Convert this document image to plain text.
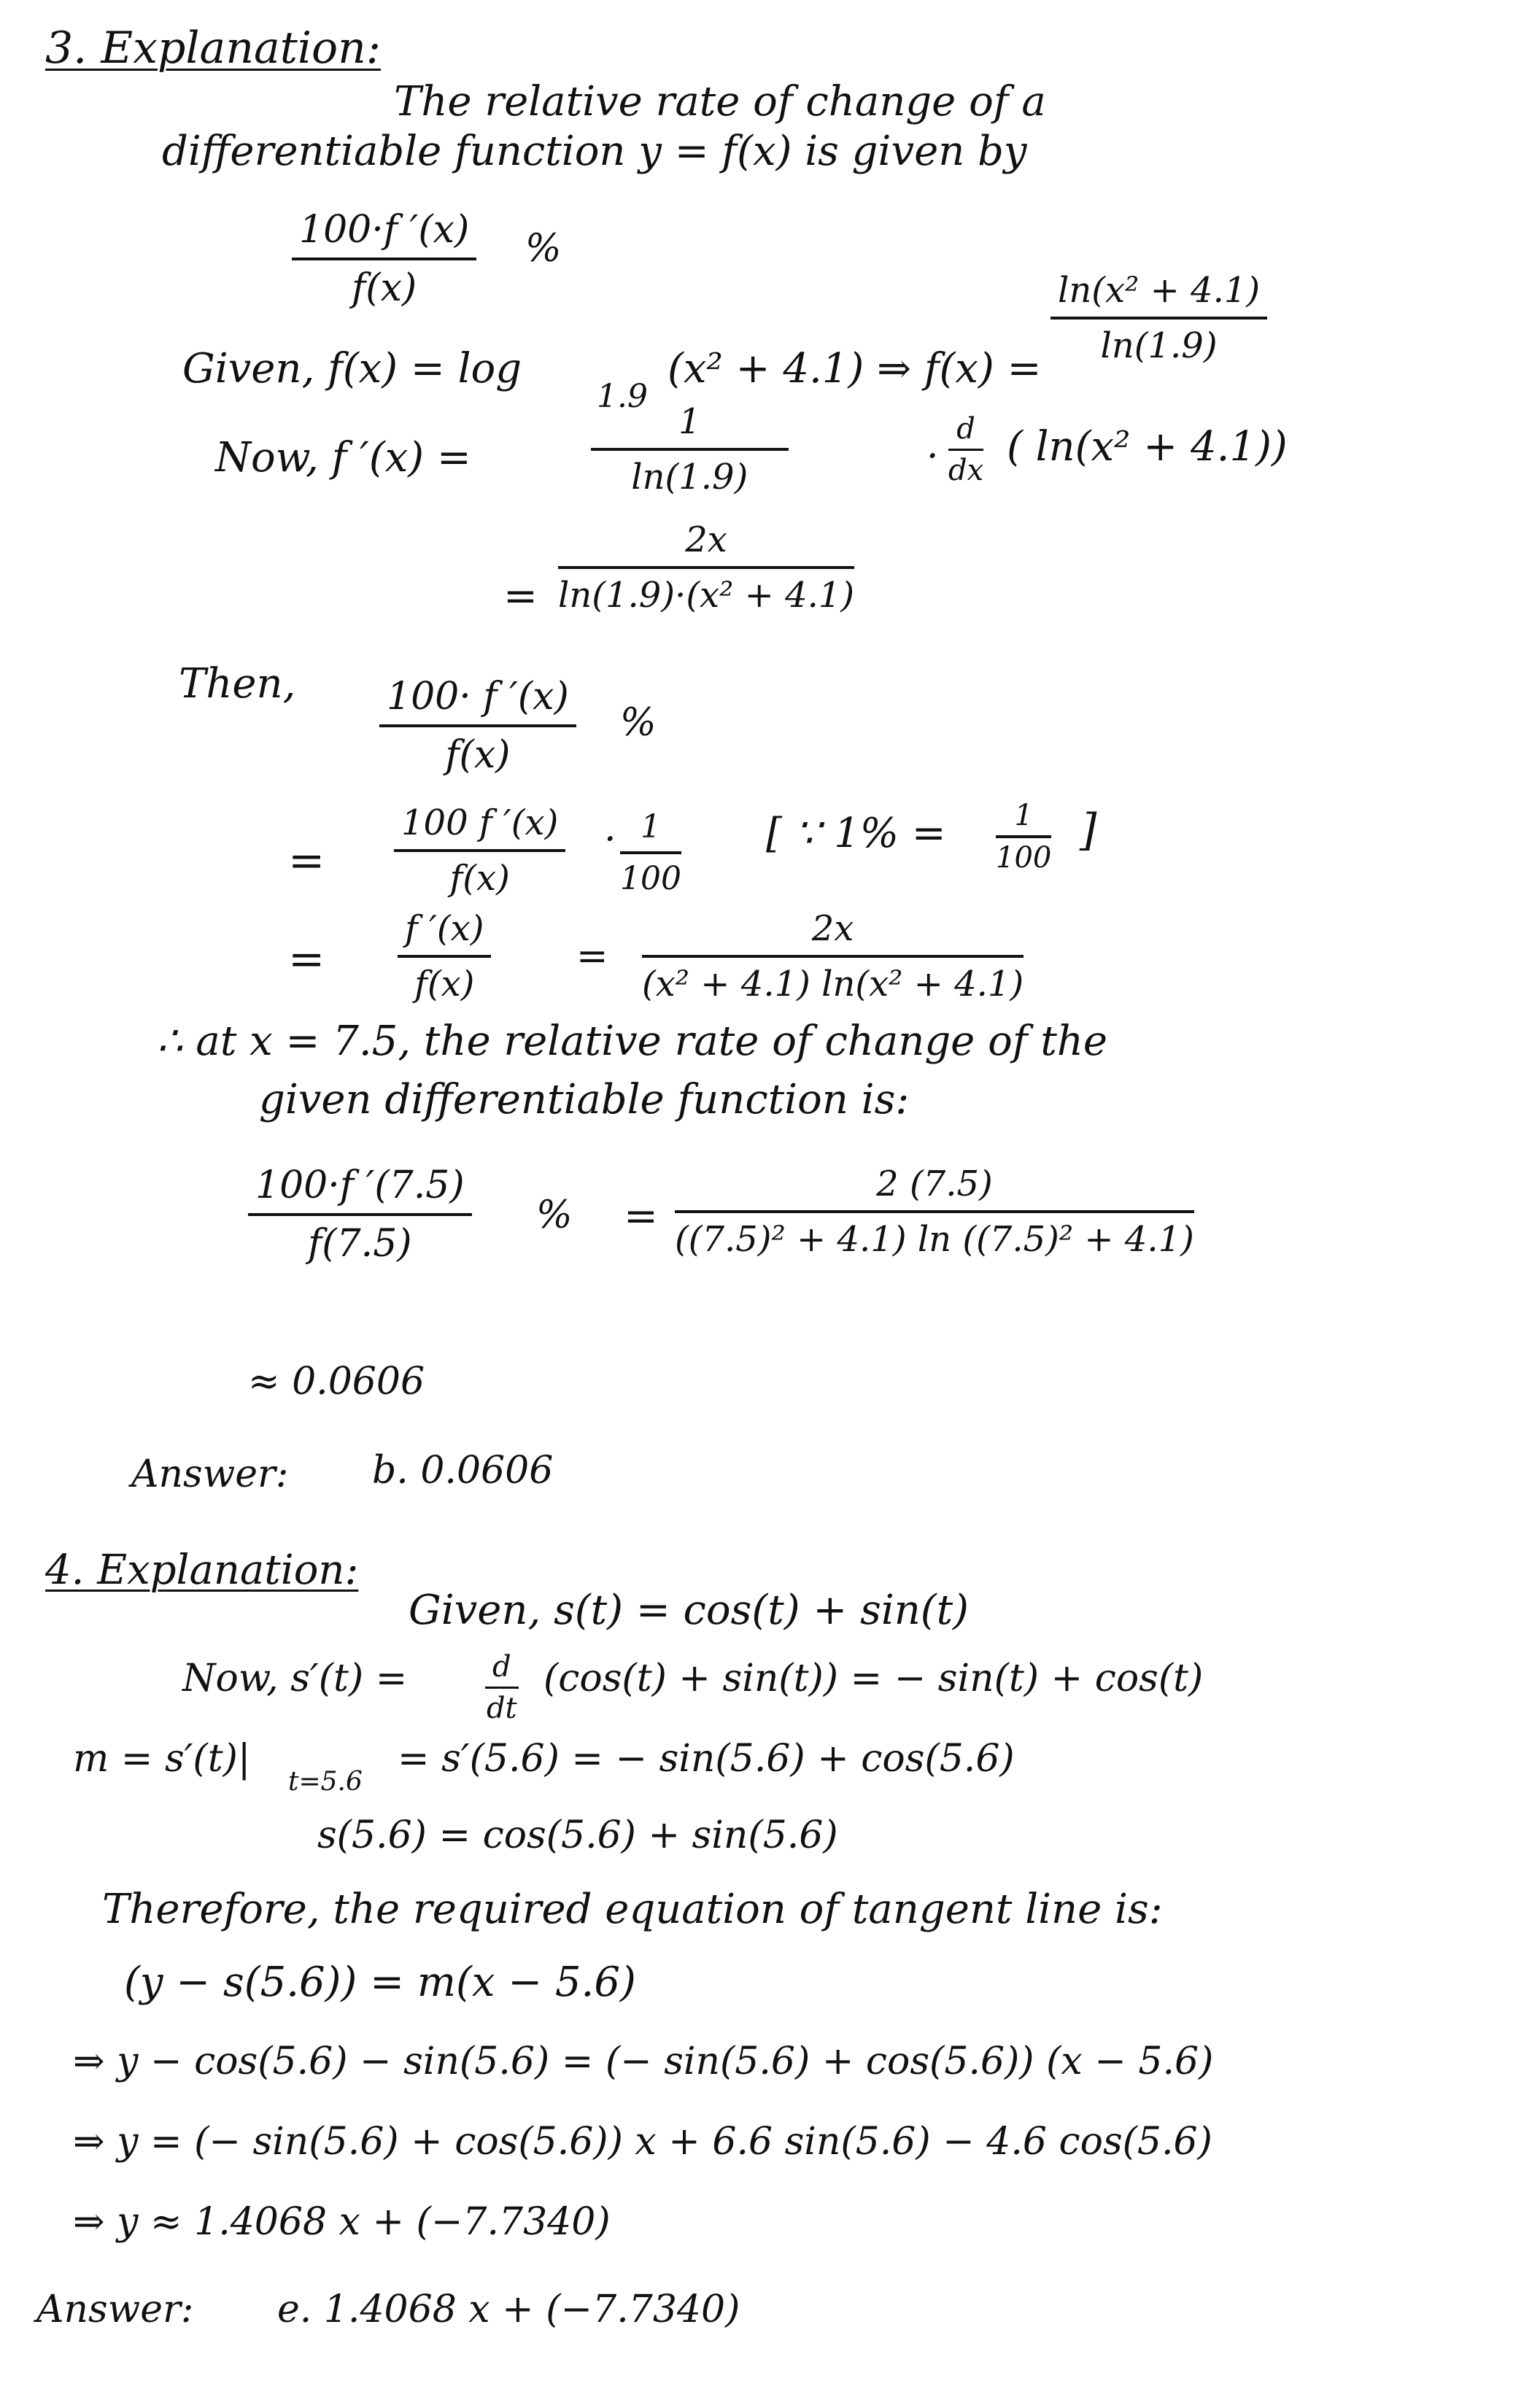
3. Explanation:
The relative rate of change of a
differentiable function y = f(x) is given by
$\frac{100\cdot f '(x)}{f(x)}$ %
Given, f(x) = log
1.9
(x² + 4.1) ⇒ f(x) =
$\frac{\text{ln(x² + 4.1)}}{\ln(1.9)}$
Now, f ′(x) =	$\frac{1}{\ln(1.9)}$	· $\frac{d}{dx}$ ( ln(x² + 4.1))
= $\frac{2x}{\text{ln(1.9)·(x² + 4.1)}}$
Then, $\frac{100\cdot f '(x)}{f(x)}$ %
= $\frac{100 f '(x)}{f(x)} \cdot \frac{1}{100}$ [ ∵ $1\% = \frac{1}{100}$ ]
= $\frac{f '(x)}{f(x)} = \frac{2x}{\text{(x² + 4.1) ln(x² + 4.1)}}$
∴ at x = 7.5, the relative rate of change of the
given differentiable function is:
$\frac{100\cdot f '(7.5)}{f(7.5)}$ % = $\frac{2 (7.5)}{\text{((7.5)² + 4.1) ln ((7.5)² + 4.1)}}$
≈ 0.0606
Answer: b. 0.0606
4. Explanation:
Given, s(t) = cos(t) + sin(t)
Now, s′(t) =	$\frac{d}{dt} (\cos(t) + \sin(t))$ = − sin(t) + cos(t)
m = s′(t)|
t=5.6
= s′(5.6) = − sin(5.6) + cos(5.6)
s(5.6) = cos(5.6) + sin(5.6)
Therefore, the required equation of tangent line is:
(y − s(5.6)) = m(x − 5.6)
⇒ y − cos(5.6) − sin(5.6) = (− sin(5.6) + cos(5.6)) (x − 5.6)
⇒ y = (− sin(5.6) + cos(5.6)) x + 6.6 sin(5.6) − 4.6 cos(5.6)
⇒ y ≈ 1.4068 x + (−7.7340)
Answer: e. 1.4068 x + (−7.7340)
